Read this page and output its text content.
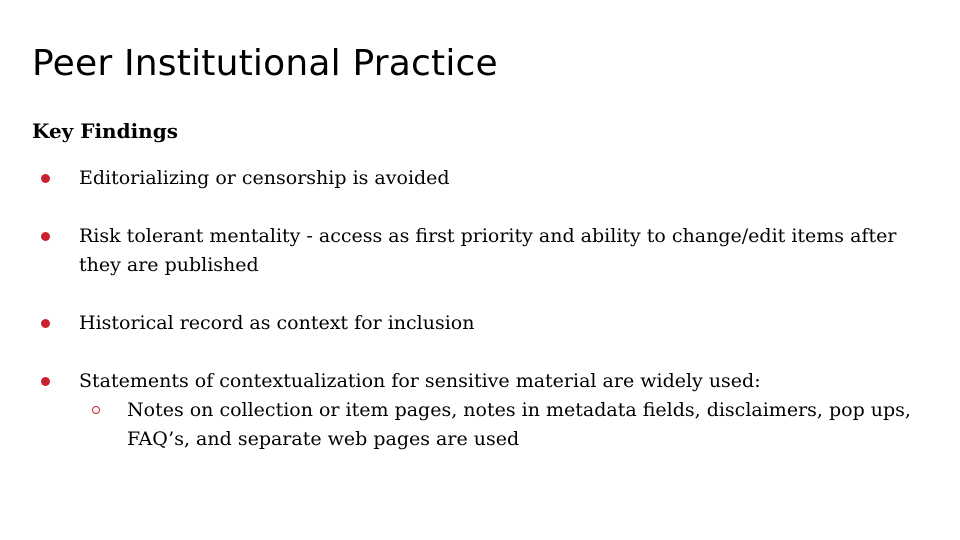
Peer Institutional Practice
Key Findings

Editorializing or censorship is avoided

Risk tolerant mentality - access as first priority and ability to change/edit items after they are published

Historical record as context for inclusion

Statements of contextualization for sensitive material are widely used:

Notes on collection or item pages, notes in metadata fields, disclaimers, pop ups, FAQ’s, and separate web pages are used
